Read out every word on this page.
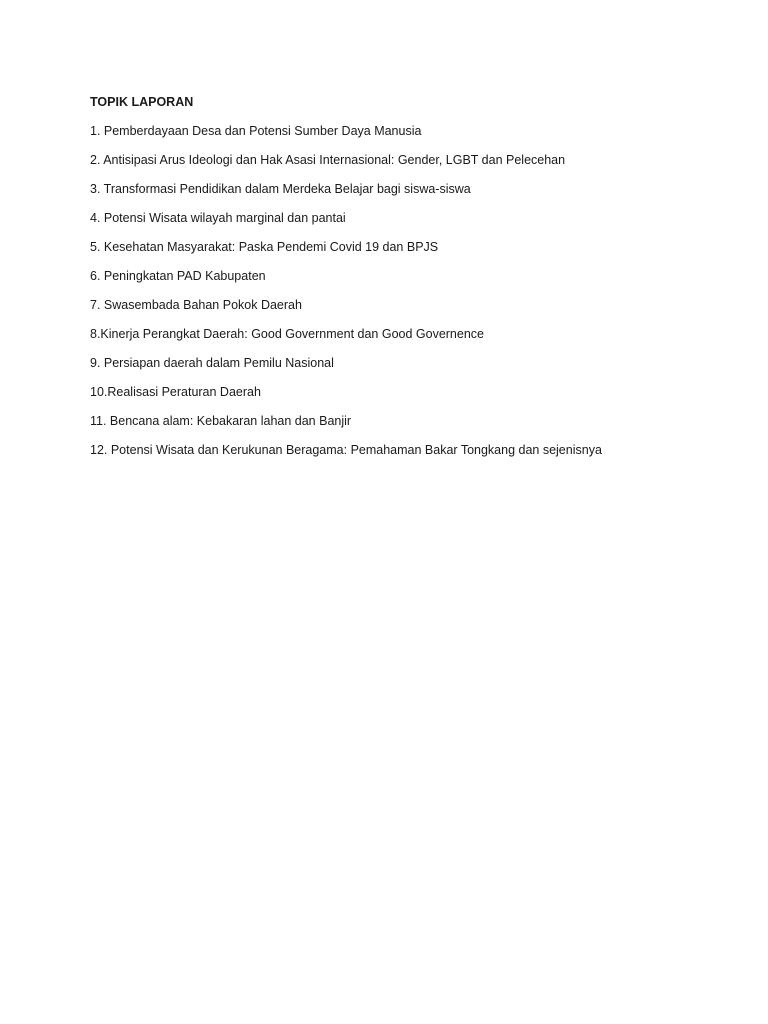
TOPIK LAPORAN
1. Pemberdayaan Desa dan Potensi Sumber Daya Manusia
2. Antisipasi Arus Ideologi dan Hak Asasi Internasional: Gender, LGBT dan Pelecehan
3. Transformasi Pendidikan dalam Merdeka Belajar bagi siswa-siswa
4. Potensi Wisata wilayah marginal dan pantai
5. Kesehatan Masyarakat: Paska Pendemi Covid 19 dan BPJS
6. Peningkatan PAD Kabupaten
7. Swasembada Bahan Pokok Daerah
8.Kinerja Perangkat Daerah: Good Government dan Good Governence
9. Persiapan daerah dalam Pemilu Nasional
10.Realisasi Peraturan Daerah
11. Bencana alam: Kebakaran lahan dan Banjir
12. Potensi Wisata dan Kerukunan Beragama: Pemahaman Bakar Tongkang dan sejenisnya
